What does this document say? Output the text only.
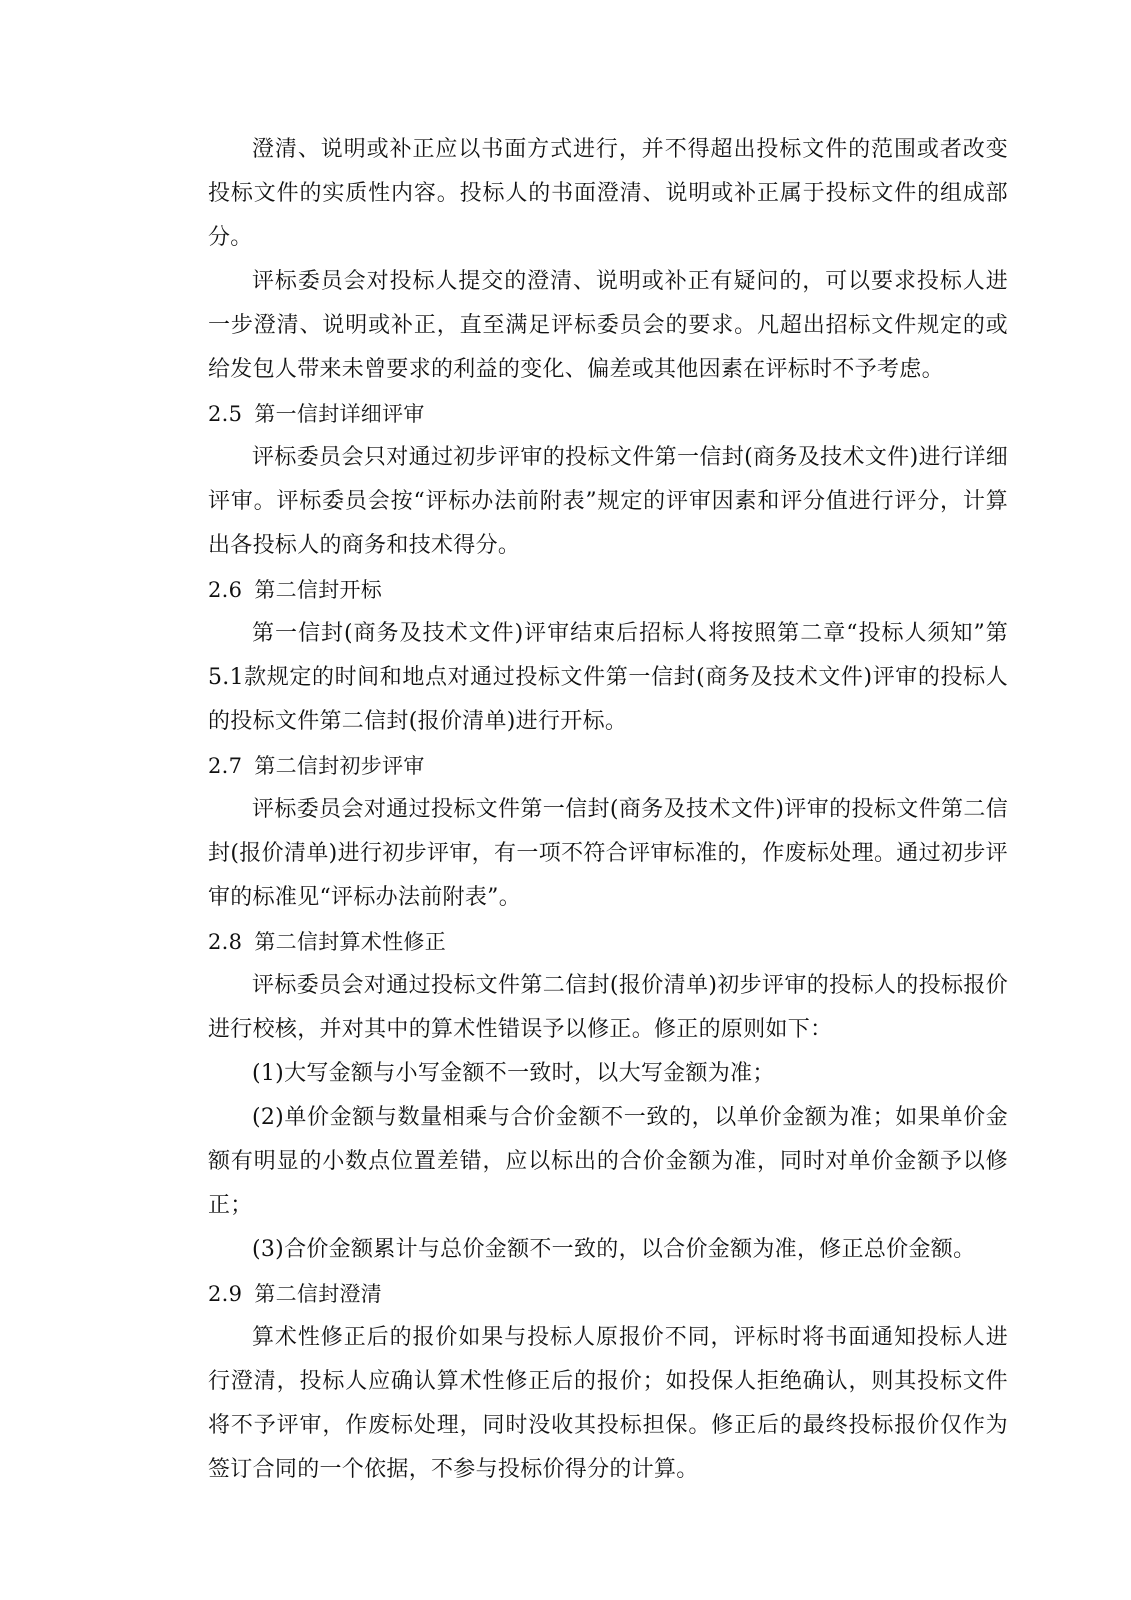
澄清、说明或补正应以书面方式进行，并不得超出投标文件的范围或者改变投标文件的实质性内容。投标人的书面澄清、说明或补正属于投标文件的组成部分。

评标委员会对投标人提交的澄清、说明或补正有疑问的，可以要求投标人进一步澄清、说明或补正，直至满足评标委员会的要求。凡超出招标文件规定的或给发包人带来未曾要求的利益的变化、偏差或其他因素在评标时不予考虑。

2.5 第一信封详细评审

评标委员会只对通过初步评审的投标文件第一信封(商务及技术文件)进行详细评审。评标委员会按“评标办法前附表”规定的评审因素和评分值进行评分，计算出各投标人的商务和技术得分。

2.6 第二信封开标

第一信封(商务及技术文件)评审结束后招标人将按照第二章“投标人须知”第5.1款规定的时间和地点对通过投标文件第一信封(商务及技术文件)评审的投标人的投标文件第二信封(报价清单)进行开标。

2.7 第二信封初步评审

评标委员会对通过投标文件第一信封(商务及技术文件)评审的投标文件第二信封(报价清单)进行初步评审，有一项不符合评审标准的，作废标处理。通过初步评审的标准见“评标办法前附表”。

2.8 第二信封算术性修正

评标委员会对通过投标文件第二信封(报价清单)初步评审的投标人的投标报价进行校核，并对其中的算术性错误予以修正。修正的原则如下：

(1)大写金额与小写金额不一致时，以大写金额为准；

(2)单价金额与数量相乘与合价金额不一致的，以单价金额为准；如果单价金额有明显的小数点位置差错，应以标出的合价金额为准，同时对单价金额予以修正；

(3)合价金额累计与总价金额不一致的，以合价金额为准，修正总价金额。

2.9 第二信封澄清

算术性修正后的报价如果与投标人原报价不同，评标时将书面通知投标人进行澄清，投标人应确认算术性修正后的报价；如投保人拒绝确认，则其投标文件将不予评审，作废标处理，同时没收其投标担保。修正后的最终投标报价仅作为签订合同的一个依据，不参与投标价得分的计算。
